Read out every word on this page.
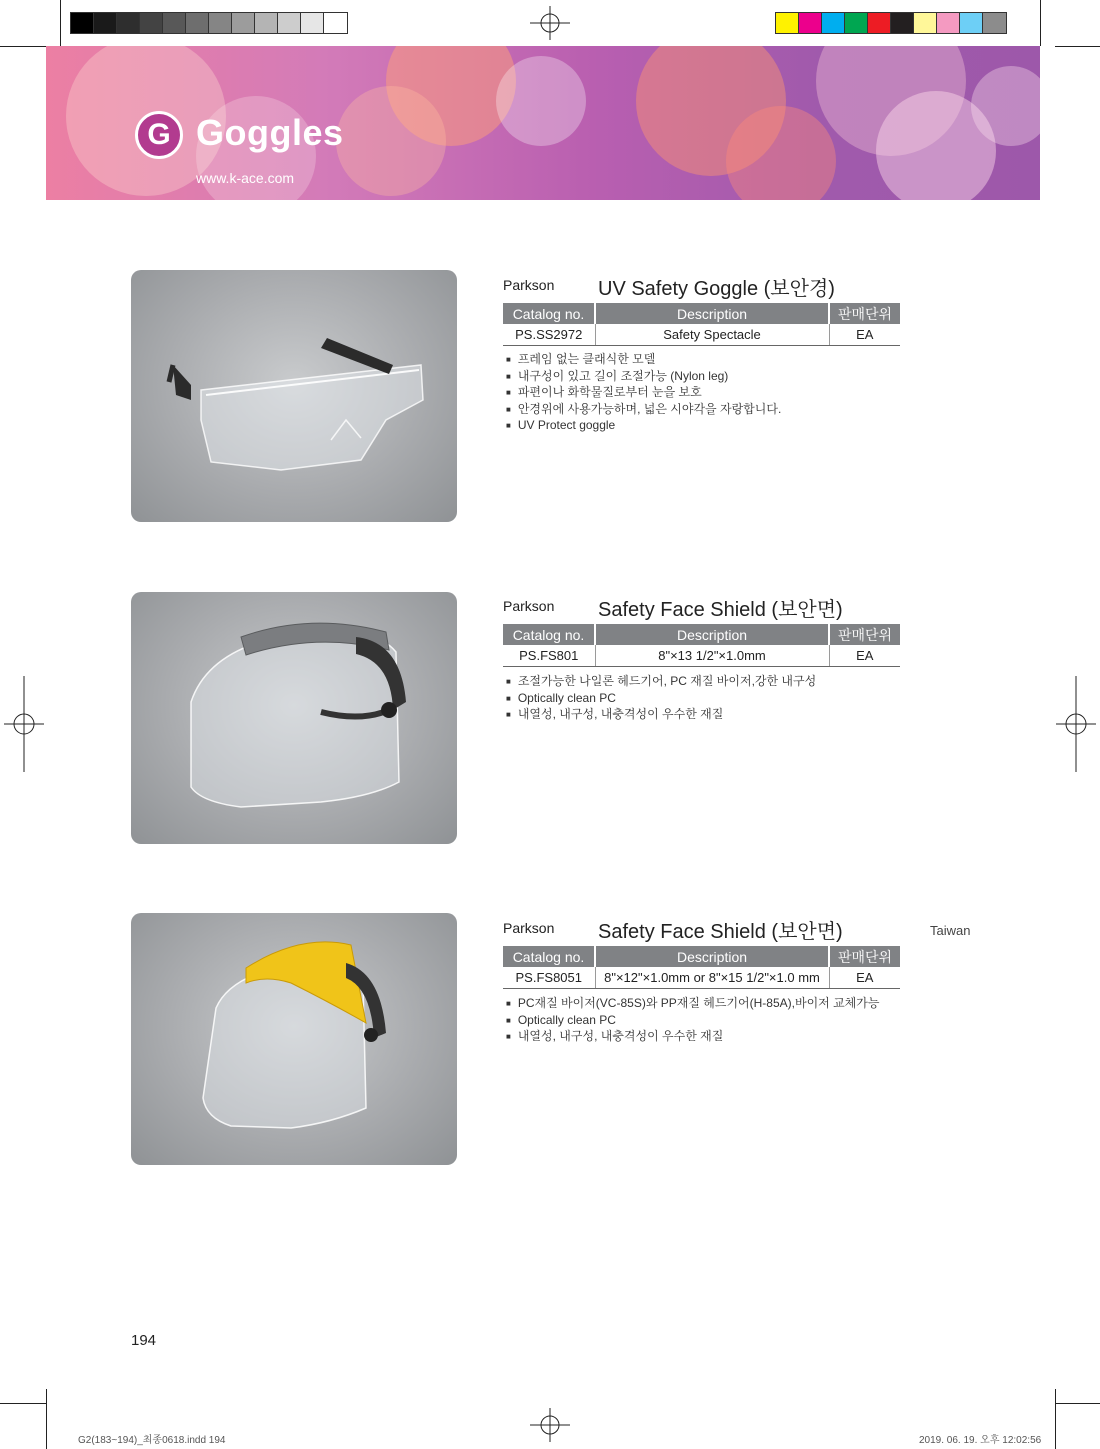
G Goggles
www.k-ace.com
Parkson UV Safety Goggle (보안경)
Catalog no.	Description	판매단위
PS.SS2972	Safety Spectacle	EA
■ 프레임 없는 클래식한 모델
■ 내구성이 있고 길이 조절가능 (Nylon leg)
■ 파편이나 화학물질로부터 눈을 보호
■ 안경위에 사용가능하며, 넓은 시야각을 자랑합니다.
■ UV Protect goggle
Parkson Safety Face Shield (보안면)
Catalog no.	Description	판매단위
PS.FS801	8"×13 1/2"×1.0mm	EA
■ 조절가능한 나일론 헤드기어, PC 재질 바이저,강한 내구성
■ Optically clean PC
■ 내열성, 내구성, 내충격성이 우수한 재질
Parkson Safety Face Shield (보안면)
Catalog no.	Description	판매단위
PS.FS8051	8"×12"×1.0mm or 8"×15 1/2"×1.0 mm	EA
■ PC재질 바이저(VC-85S)와 PP재질 헤드기어(H-85A),바이저 교체가능
■ Optically clean PC
■ 내열성, 내구성, 내충격성이 우수한 재질
Taiwan
194
G2(183~194)_최종0618.indd 194	2019. 06. 19. 오후 12:02:56
